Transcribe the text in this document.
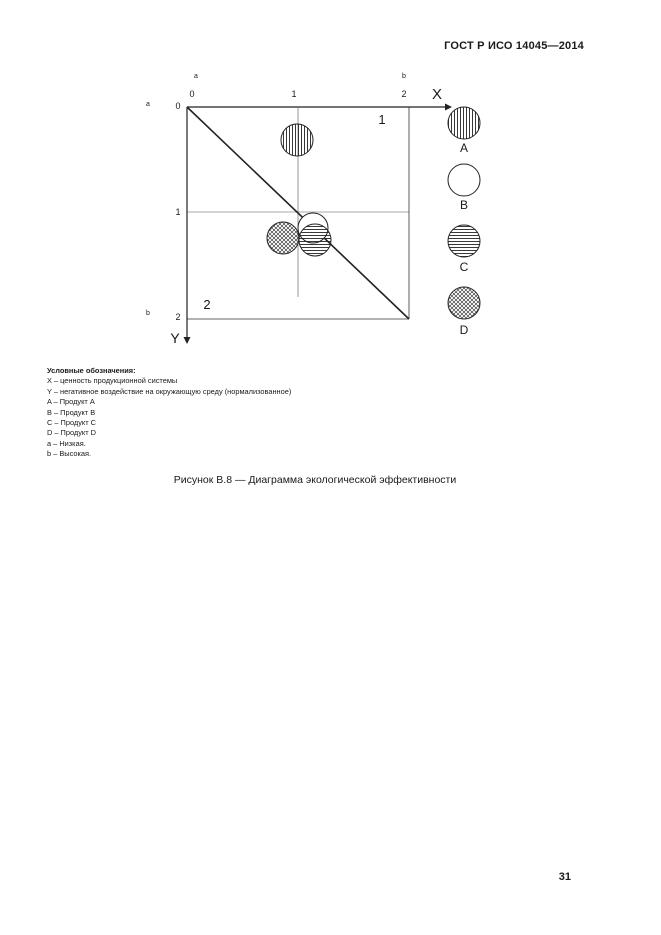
ГОСТ Р ИСО 14045—2014
0	1	2
a	b
X
0
1
2
a
b
Y
1
2
A
B
C
D
Условные обозначения:
X – ценность продукционной системы
Y – негативное воздействие на окружающую среду (нормализованное)
A – Продукт A
B – Продукт B
C – Продукт C
D – Продукт D
a – Низкая.
b – Высокая.
Рисунок В.8 — Диаграмма экологической эффективности
31
